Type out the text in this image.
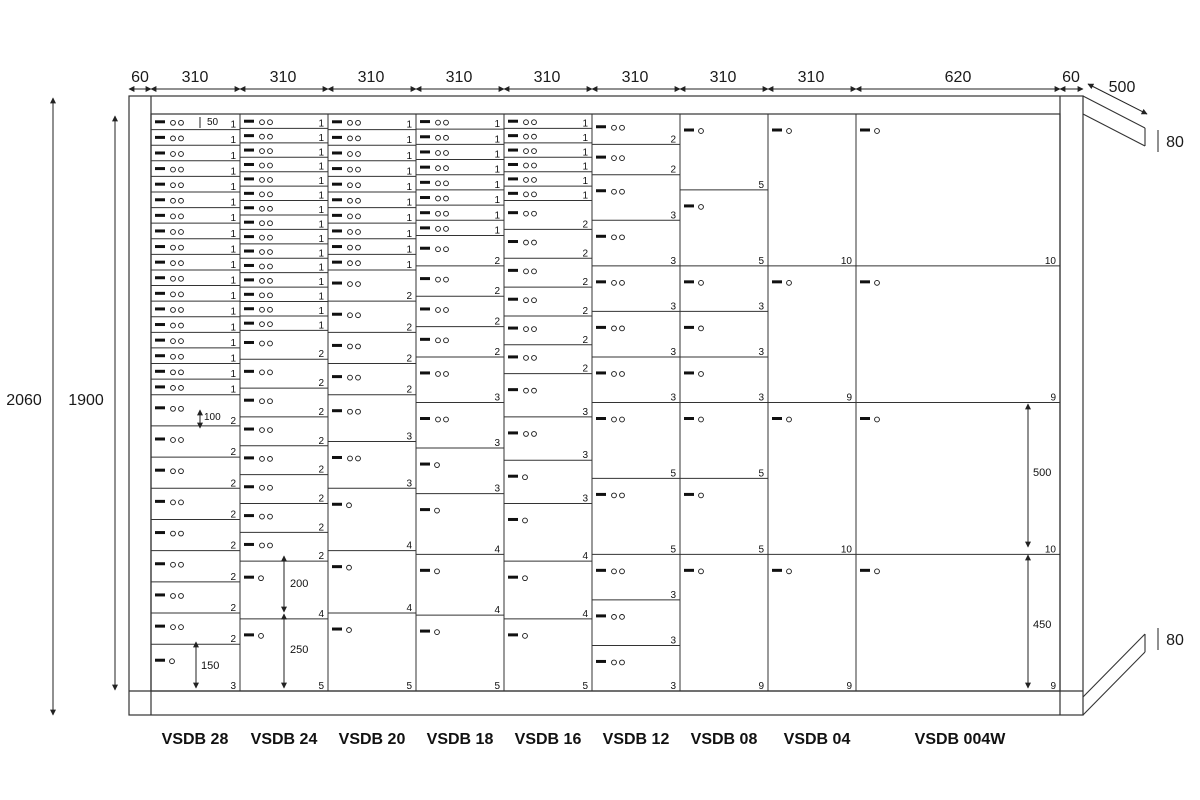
1
1
1
1
1
1
1
1
1
1
1
1
1
1
1
1
1
1
2
2
2
2
2
2
2
2
3
1
1
1
1
1
1
1
1
1
1
1
1
1
1
1
2
2
2
2
2
2
2
2
4
5
1
1
1
1
1
1
1
1
1
1
2
2
2
2
3
3
4
4
5
1
1
1
1
1
1
1
1
2
2
2
2
3
3
3
4
4
5
1
1
1
1
1
1
2
2
2
2
2
2
3
3
3
4
4
5
2
2
3
3
3
3
3
5
5
3
3
3
5
5
3
3
3
5
5
9
10
9
10
9
10
9
10
9
60 310	310	310	310	310	310	310	310	620	60
500
2060 1900
80
80
VSDB 28 VSDB 24 VSDB 20 VSDB 18 VSDB 16 VSDB 12 VSDB 08 VSDB 04	VSDB 004W
50
100
200
250
150
500
450
